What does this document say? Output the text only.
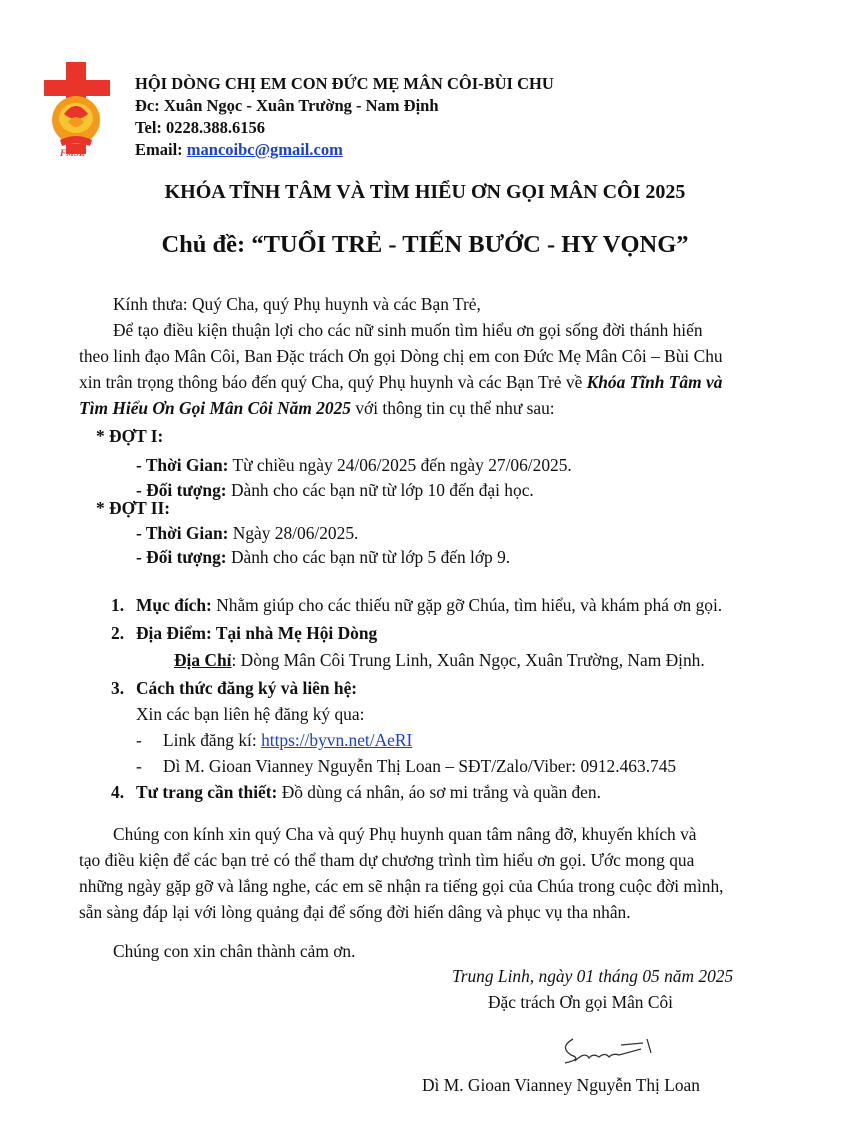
FMSR
HỘI DÒNG CHỊ EM CON ĐỨC MẸ MÂN CÔI-BÙI CHU
Đc: Xuân Ngọc - Xuân Trường - Nam Định
Tel: 0228.388.6156
Email: mancoibc@gmail.com
KHÓA TĨNH TÂM VÀ TÌM HIỂU ƠN GỌI MÂN CÔI 2025
Chủ đề: “TUỔI TRẺ - TIẾN BƯỚC - HY VỌNG”
Kính thưa: Quý Cha, quý Phụ huynh và các Bạn Trẻ,
Để tạo điều kiện thuận lợi cho các nữ sinh muốn tìm hiểu ơn gọi sống đời thánh hiến
theo linh đạo Mân Côi, Ban Đặc trách Ơn gọi Dòng chị em con Đức Mẹ Mân Côi – Bùi Chu
xin trân trọng thông báo đến quý Cha, quý Phụ huynh và các Bạn Trẻ về Khóa Tĩnh Tâm và
Tìm Hiểu Ơn Gọi Mân Côi Năm 2025 với thông tin cụ thể như sau:
* ĐỢT I:
- Thời Gian: Từ chiều ngày 24/06/2025 đến ngày 27/06/2025.
- Đối tượng: Dành cho các bạn nữ từ lớp 10 đến đại học.
* ĐỢT II:
- Thời Gian: Ngày 28/06/2025.
- Đối tượng: Dành cho các bạn nữ từ lớp 5 đến lớp 9.
1. Mục đích: Nhằm giúp cho các thiếu nữ gặp gỡ Chúa, tìm hiểu, và khám phá ơn gọi.
2. Địa Điểm: Tại nhà Mẹ Hội Dòng
Địa Chỉ: Dòng Mân Côi Trung Linh, Xuân Ngọc, Xuân Trường, Nam Định.
3. Cách thức đăng ký và liên hệ:
Xin các bạn liên hệ đăng ký qua:
- Link đăng kí: https://byvn.net/AeRI
- Dì M. Gioan Vianney Nguyễn Thị Loan – SĐT/Zalo/Viber: 0912.463.745
4. Tư trang cần thiết: Đồ dùng cá nhân, áo sơ mi trắng và quần đen.
Chúng con kính xin quý Cha và quý Phụ huynh quan tâm nâng đỡ, khuyến khích và
tạo điều kiện để các bạn trẻ có thể tham dự chương trình tìm hiểu ơn gọi. Ước mong qua
những ngày gặp gỡ và lắng nghe, các em sẽ nhận ra tiếng gọi của Chúa trong cuộc đời mình,
sẵn sàng đáp lại với lòng quảng đại để sống đời hiến dâng và phục vụ tha nhân.
Chúng con xin chân thành cảm ơn.
Trung Linh, ngày 01 tháng 05 năm 2025
Đặc trách Ơn gọi Mân Côi
Dì M. Gioan Vianney Nguyễn Thị Loan
